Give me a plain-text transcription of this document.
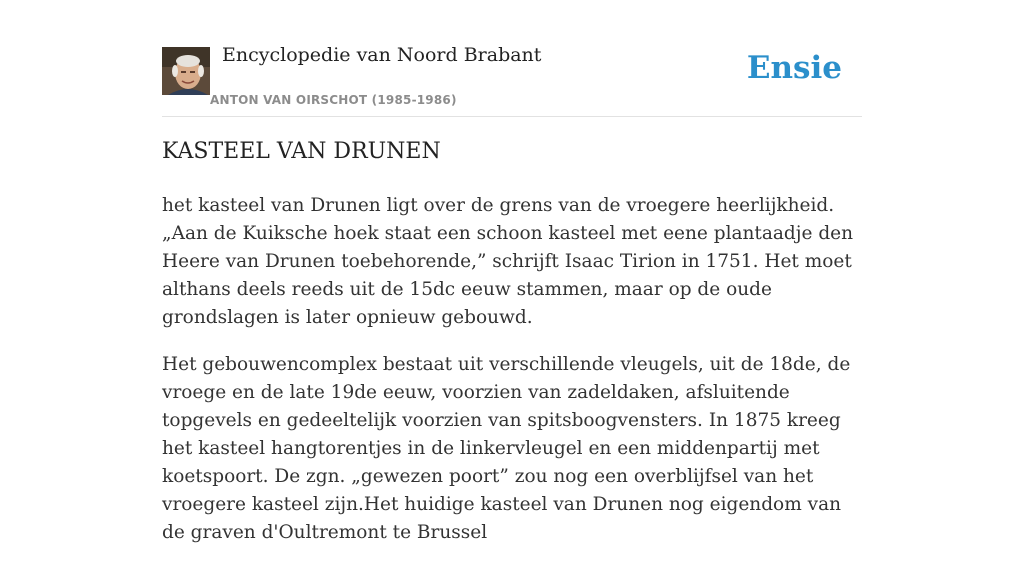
Encyclopedie van Noord Brabant
ANTON VAN OIRSCHOT (1985-1986)
Ensie
KASTEEL VAN DRUNEN

het kasteel van Drunen ligt over de grens van de vroegere heerlijkheid. „Aan de Kuiksche hoek staat een schoon kasteel met eene plantaadje den Heere van Drunen toebehorende,” schrijft Isaac Tirion in 1751. Het moet althans deels reeds uit de 15dc eeuw stammen, maar op de oude grondslagen is later opnieuw gebouwd.

Het gebouwencomplex bestaat uit verschillende vleugels, uit de 18de, de vroege en de late 19de eeuw, voorzien van zadeldaken, afsluitende topgevels en gedeeltelijk voorzien van spitsboogvensters. In 1875 kreeg het kasteel hangtorentjes in de linkervleugel en een middenpartij met koetspoort. De zgn. „gewezen poort” zou nog een overblijfsel van het vroegere kasteel zijn.Het huidige kasteel van Drunen nog eigendom van de graven d'Oultremont te Brussel
